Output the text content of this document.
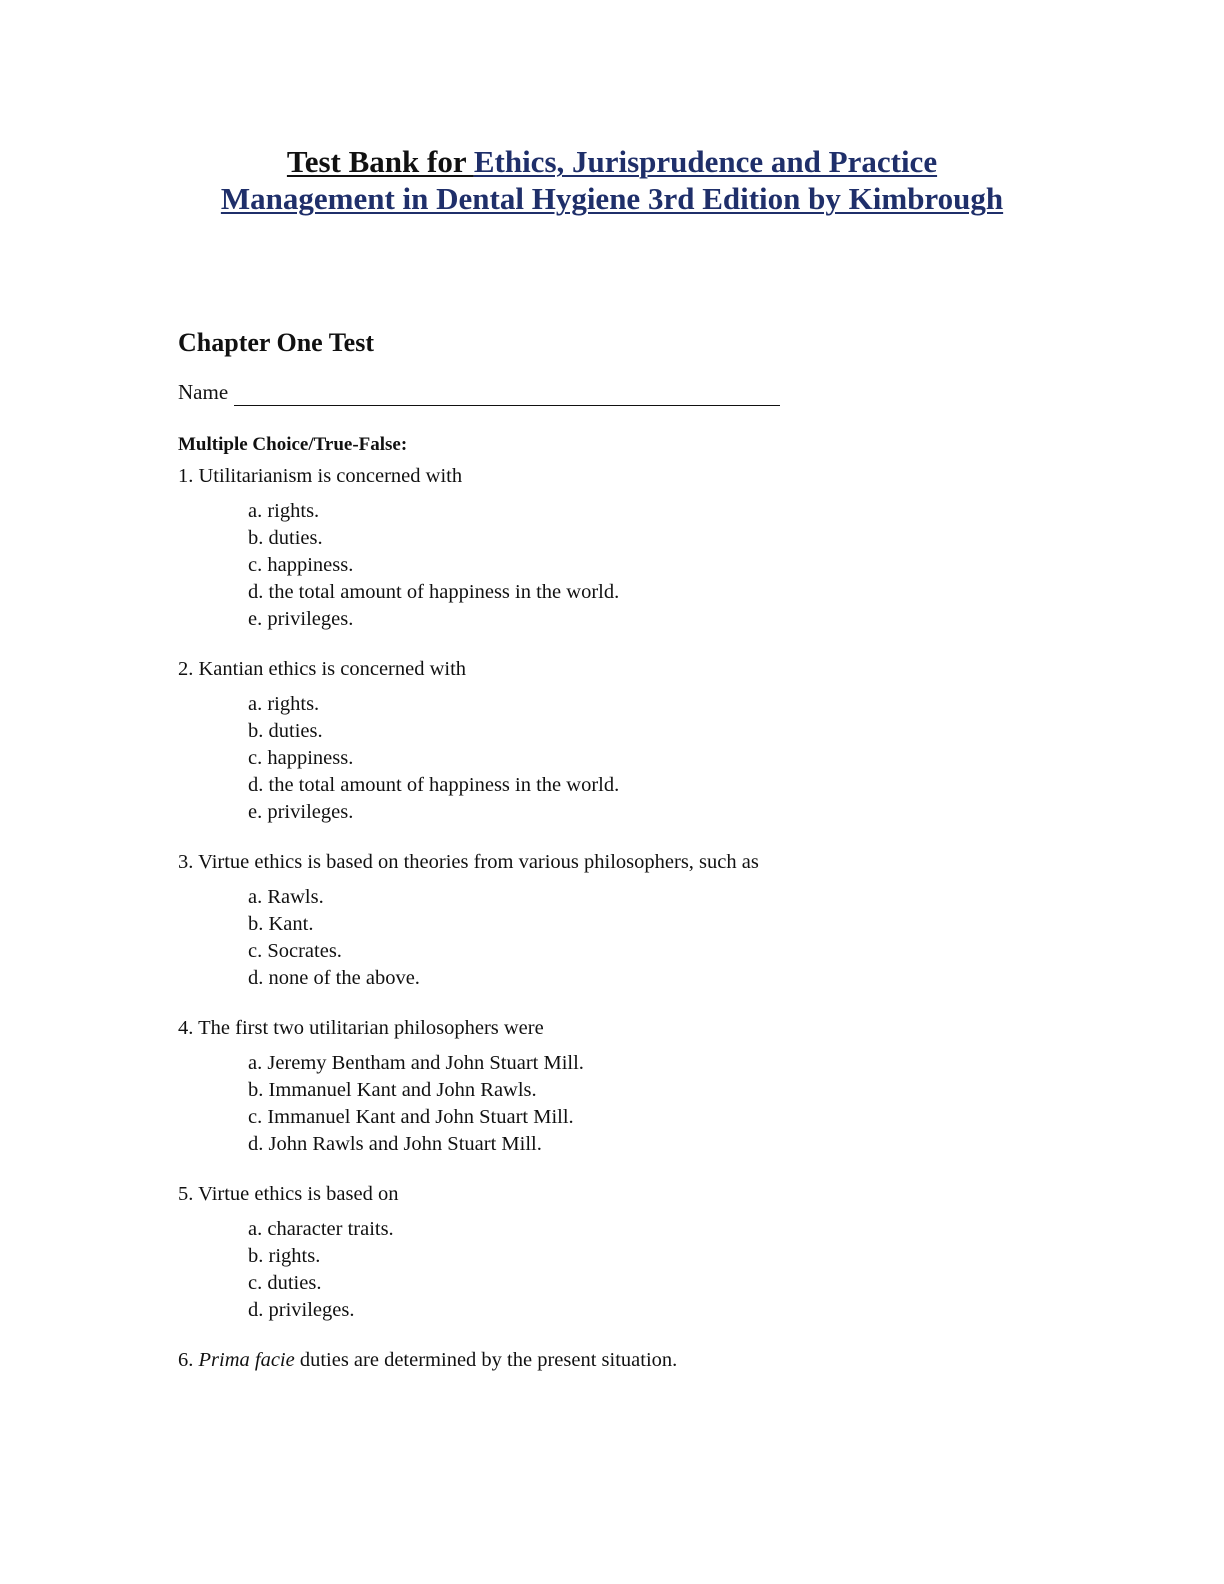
Test Bank for Ethics, Jurisprudence and Practice
Management in Dental Hygiene 3rd Edition by Kimbrough
Chapter One Test
Name
Multiple Choice/True-False:

1. Utilitarianism is concerned with

a. rights.
b. duties.
c. happiness.
d. the total amount of happiness in the world.
e. privileges.

2. Kantian ethics is concerned with

a. rights.
b. duties.
c. happiness.
d. the total amount of happiness in the world.
e. privileges.

3. Virtue ethics is based on theories from various philosophers, such as

a. Rawls.
b. Kant.
c. Socrates.
d. none of the above.

4. The first two utilitarian philosophers were

a. Jeremy Bentham and John Stuart Mill.
b. Immanuel Kant and John Rawls.
c. Immanuel Kant and John Stuart Mill.
d. John Rawls and John Stuart Mill.

5. Virtue ethics is based on

a. character traits.
b. rights.
c. duties.
d. privileges.

6. Prima facie duties are determined by the present situation.
